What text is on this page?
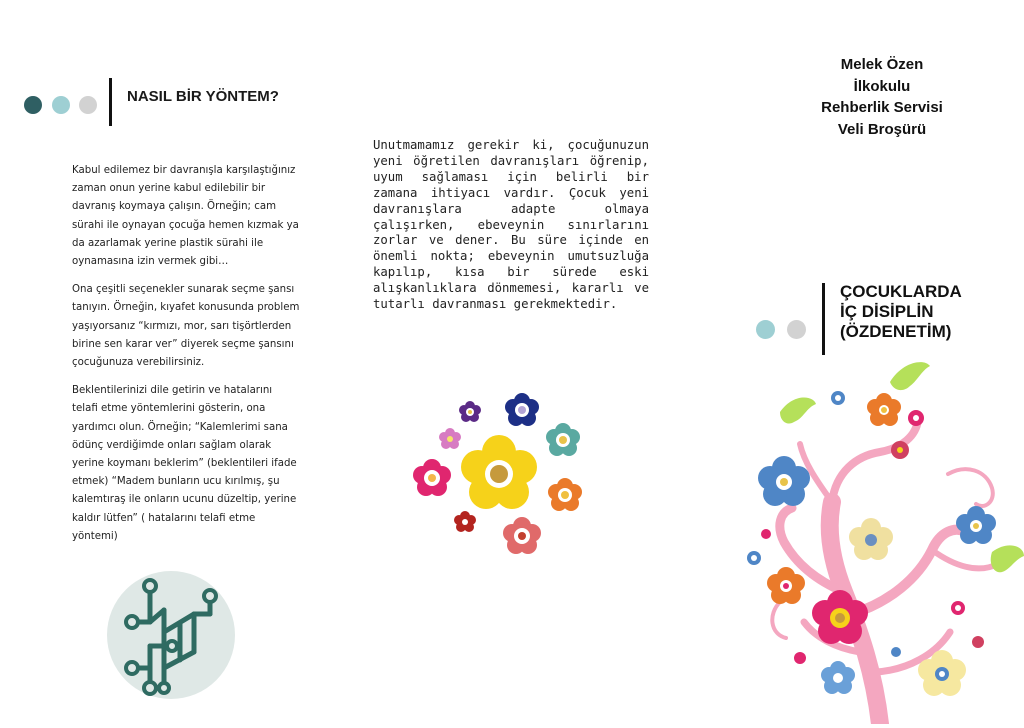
NASIL BİR YÖNTEM?

Kabul edilemez bir davranışla karşılaştığınız zaman onun yerine kabul edilebilir bir davranış koymaya çalışın. Örneğin; cam sürahi ile oynayan çocuğa hemen kızmak ya da azarlamak yerine plastik sürahi ile oynamasına izin vermek gibi…

Ona çeşitli seçenekler sunarak seçme şansı tanıyın. Örneğin, kıyafet konusunda problem yaşıyorsanız “kırmızı, mor, sarı tişörtlerden birine sen karar ver” diyerek seçme şansını çocuğunuza verebilirsiniz.

Beklentilerinizi dile getirin ve hatalarını telafi etme yöntemlerini gösterin, ona yardımcı olun. Örneğin; “Kalemlerimi sana ödünç verdiğimde onları sağlam olarak yerine koymanı beklerim” (beklentileri ifade etmek) “Madem bunların ucu kırılmış, şu kalemtıraş ile onların ucunu düzeltip, yerine kaldır lütfen” ( hatalarını telafi etme yöntemi)

Unutmamamız gerekir ki, çocuğunuzun yeni öğretilen davranışları öğrenip, uyum sağlaması için belirli bir zamana ihtiyacı vardır. Çocuk yeni davranışlara adapte olmaya çalışırken, ebeveynin sınırlarını zorlar ve dener. Bu süre içinde en önemli nokta; ebeveynin umutsuzluğa kapılıp, kısa bir sürede eski alışkanlıklara dönmemesi, kararlı ve tutarlı davranması gerekmektedir.
Melek Özen
İlkokulu
Rehberlik Servisi
Veli Broşürü
ÇOCUKLARDA
İÇ DİSİPLİN
(ÖZDENETİM)
